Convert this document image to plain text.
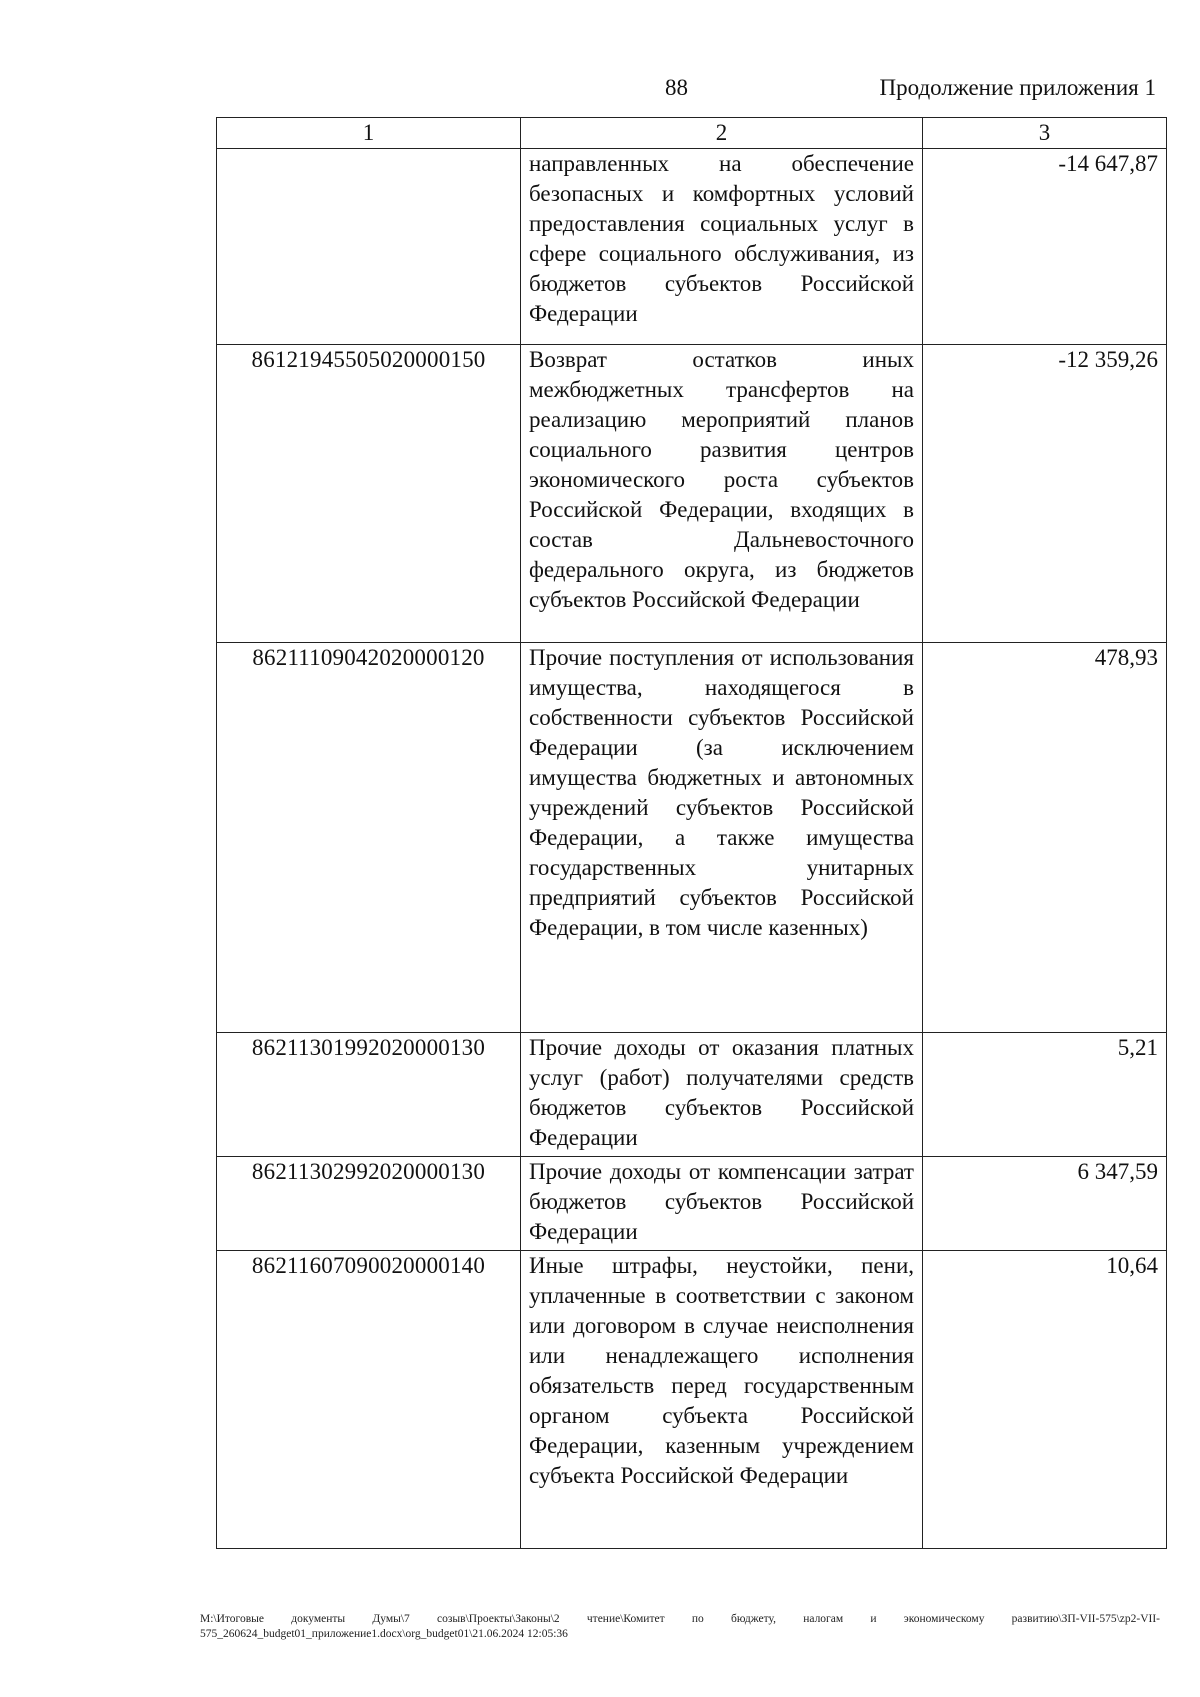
88	Продолжение приложения 1
1	2	3
	направленных на обеспечение безопасных и комфортных условий предоставления социальных услуг в сфере социального обслуживания, из бюджетов субъектов Российской Федерации	-14 647,87
86121945505020000150	Возврат остатков иных межбюджетных трансфертов на реализацию мероприятий планов социального развития центров экономического роста субъектов Российской Федерации, входящих в состав Дальневосточного федерального округа, из бюджетов субъектов Российской Федерации	-12 359,26
86211109042020000120	Прочие поступления от использования имущества, находящегося в собственности субъектов Российской Федерации (за исключением имущества бюджетных и автономных учреждений субъектов Российской Федерации, а также имущества государственных унитарных предприятий субъектов Российской Федерации, в том числе казенных)	478,93
86211301992020000130	Прочие доходы от оказания платных услуг (работ) получателями средств бюджетов субъектов Российской Федерации	5,21
86211302992020000130	Прочие доходы от компенсации затрат бюджетов субъектов Российской Федерации	6 347,59
86211607090020000140	Иные штрафы, неустойки, пени, уплаченные в соответствии с законом или договором в случае неисполнения или ненадлежащего исполнения обязательств перед государственным органом субъекта Российской Федерации, казенным учреждением субъекта Российской Федерации	10,64
M:\Итоговые документы Думы\7 созыв\Проекты\Законы\2 чтение\Комитет по бюджету, налогам и экономическому развитию\ЗП-VII-575\zp2-VII-575_260624_budget01_приложение1.docx\org_budget01\21.06.2024 12:05:36
